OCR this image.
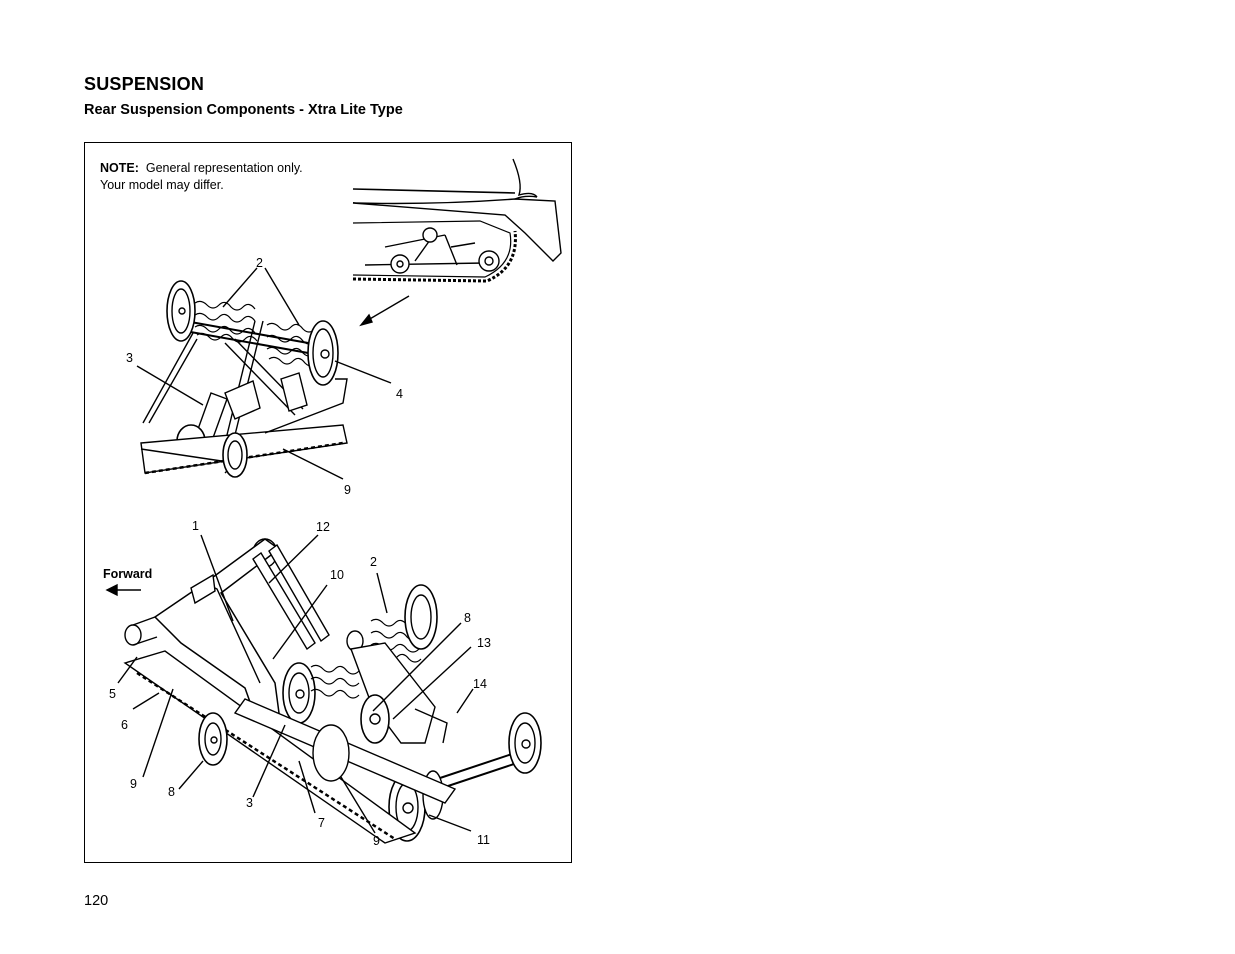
SUSPENSION
Rear Suspension Components - Xtra Lite Type
NOTE: General representation only.
Your model may differ.
2
3
4
9
Forward
1	12
10
2
8
13
14
5
6
9
8
3
7
9	11
120
